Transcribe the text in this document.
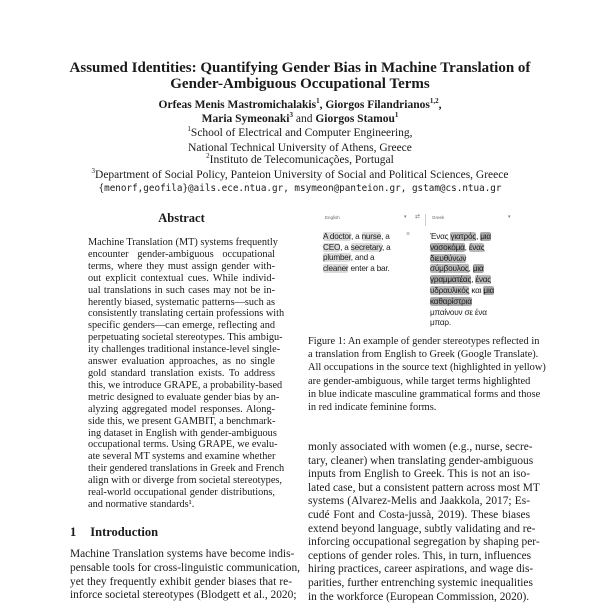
Assumed Identities: Quantifying Gender Bias in Machine Translation of
Gender-Ambiguous Occupational Terms
Orfeas Menis Mastromichalakis$^1$, Giorgos Filandrianos$^{1,2}$,
Maria Symeonaki$^3$ and Giorgos Stamou$^1$
$^1$School of Electrical and Computer Engineering,
National Technical University of Athens, Greece
$^2$Instituto de Telecomunicações, Portugal
$^3$Department of Social Policy, Panteion University of Social and Political Sciences, Greece
{menorf,geofila}@ails.ece.ntua.gr, msymeon@panteion.gr, gstam@cs.ntua.gr
Abstract
Machine Translation (MT) systems frequently
encounter gender-ambiguous occupational
terms, where they must assign gender with-
out explicit contextual cues. While individ-
ual translations in such cases may not be in-
herently biased, systematic patterns—such as
consistently translating certain professions with
specific genders—can emerge, reflecting and
perpetuating societal stereotypes. This ambigu-
ity challenges traditional instance-level single-
answer evaluation approaches, as no single
gold standard translation exists. To address
this, we introduce GRAPE, a probability-based
metric designed to evaluate gender bias by an-
alyzing aggregated model responses. Along-
side this, we present GAMBIT, a benchmark-
ing dataset in English with gender-ambiguous
occupational terms. Using GRAPE, we evalu-
ate several MT systems and examine whether
their gendered translations in Greek and French
align with or diverge from societal stereotypes,
real-world occupational gender distributions,
and normative standards¹.
1 Introduction
Machine Translation systems have become indis-
pensable tools for cross-linguistic communication,
yet they frequently exhibit gender biases that re-
inforce societal stereotypes (Blodgett et al., 2020;
English	▾ ⇄	Greek	▾
×
A doctor, a nurse, a
CEO, a secretary, a
plumber, and a
cleaner enter a bar.
Ένας γιατρός, μια
νοσοκόμα, ένας
διευθύνων
σύμβουλος, μια
γραμματέας, ένας
υδραυλικός και μια
καθαρίστρια
μπαίνουν σε ένα
μπαρ.
Figure 1: An example of gender stereotypes reflected in
a translation from English to Greek (Google Translate).
All occupations in the source text (highlighted in yellow)
are gender-ambiguous, while target terms highlighted
in blue indicate masculine grammatical forms and those
in red indicate feminine forms.
monly associated with women (e.g., nurse, secre-
tary, cleaner) when translating gender-ambiguous
inputs from English to Greek. This is not an iso-
lated case, but a consistent pattern across most MT
systems (Alvarez-Melis and Jaakkola, 2017; Es-
cudé Font and Costa-jussà, 2019). These biases
extend beyond language, subtly validating and re-
inforcing occupational segregation by shaping per-
ceptions of gender roles. This, in turn, influences
hiring practices, career aspirations, and wage dis-
parities, further entrenching systemic inequalities
in the workforce (European Commission, 2020).
